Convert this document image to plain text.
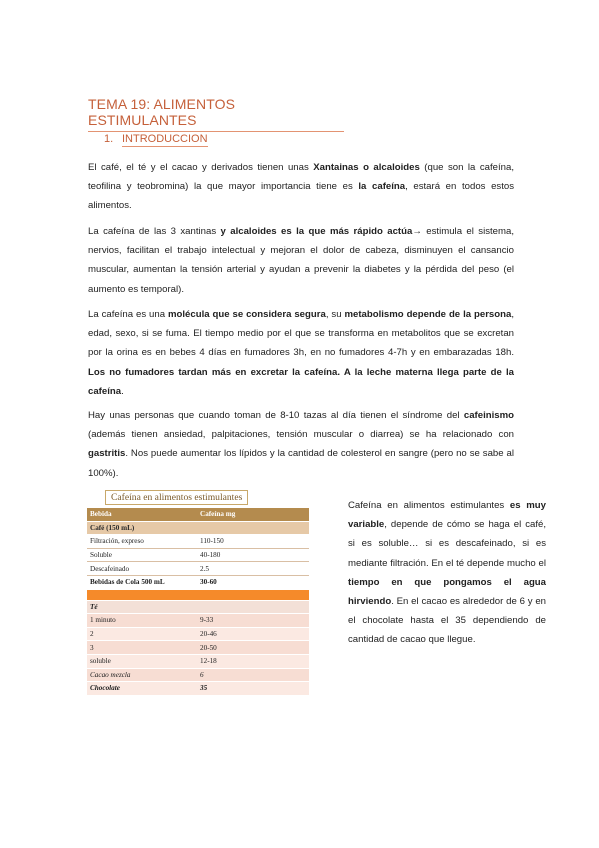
TEMA 19: ALIMENTOS ESTIMULANTES
1. INTRODUCCION

El café, el té y el cacao y derivados tienen unas Xantainas o alcaloides (que son la cafeína, teofilina y teobromina) la que mayor importancia tiene es la cafeína, estará en todos estos alimentos.

La cafeína de las 3 xantinas y alcaloides es la que más rápido actúa→ estimula el sistema, nervios, facilitan el trabajo intelectual y mejoran el dolor de cabeza, disminuyen el cansancio muscular, aumentan la tensión arterial y ayudan a prevenir la diabetes y la pérdida del peso (el aumento es temporal).

La cafeína es una molécula que se considera segura, su metabolismo depende de la persona, edad, sexo, si se fuma. El tiempo medio por el que se transforma en metabolitos que se excretan por la orina es en bebes 4 días en fumadores 3h, en no fumadores 4-7h y en embarazadas 18h. Los no fumadores tardan más en excretar la cafeína. A la leche materna llega parte de la cafeína.

Hay unas personas que cuando toman de 8-10 tazas al día tienen el síndrome del cafeinismo (además tienen ansiedad, palpitaciones, tensión muscular o diarrea) se ha relacionado con gastritis. Nos puede aumentar los lípidos y la cantidad de colesterol en sangre (pero no se sabe al 100%).

Cafeína en alimentos estimulantes
Bebida	Cafeína mg
Café (150 mL)	
Filtración, expreso	110-150
Soluble	40-180
Descafeinado	2.5
Bebidas de Cola 500 mL	30-60

Té	
1 minuto	9-33
2	20-46
3	20-50
soluble	12-18
Cacao mezcla	6
Chocolate	35

Cafeína en alimentos estimulantes es muy variable, depende de cómo se haga el café, si es soluble… si es descafeinado, si es mediante filtración. En el té depende mucho el tiempo en que pongamos el agua hirviendo. En el cacao es alrededor de 6 y en el chocolate hasta el 35 dependiendo de cantidad de cacao que llegue.
